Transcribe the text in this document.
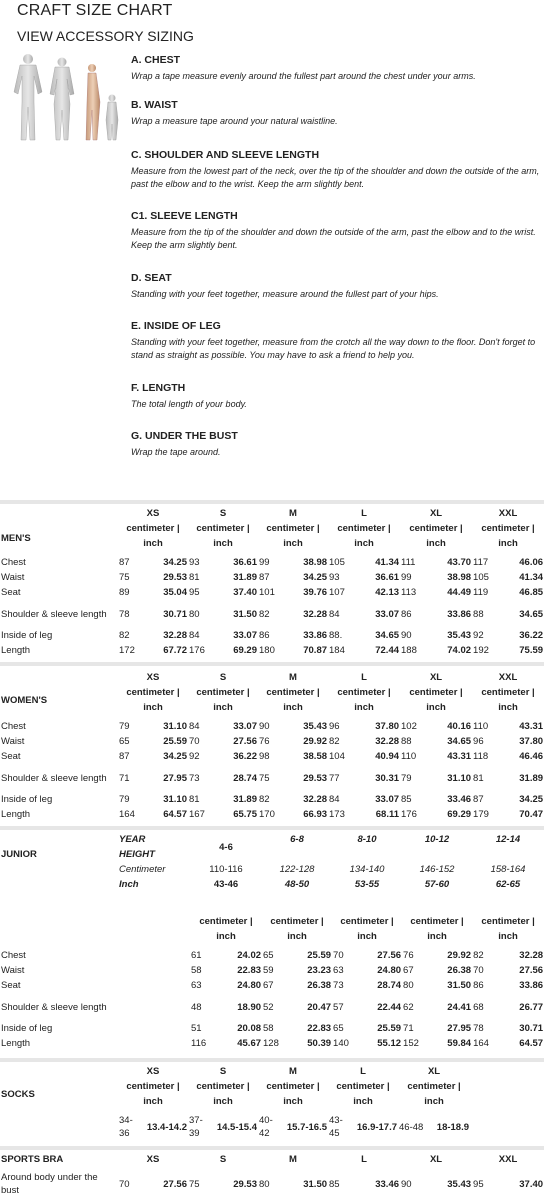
CRAFT SIZE CHART
VIEW ACCESSORY SIZING
A. CHEST

Wrap a tape measure evenly around the fullest part around the chest under your arms.

B. WAIST

Wrap a measure tape around your natural waistline.

C. SHOULDER AND SLEEVE LENGTH

Measure from the lowest part of the neck, over the tip of the shoulder and down the outside of the arm, past the elbow and to the wrist. Keep the arm slightly bent.

C1. SLEEVE LENGTH

Measure from the tip of the shoulder and down the outside of the arm, past the elbow and to the wrist. Keep the arm slightly bent.

D. SEAT

Standing with your feet together, measure around the fullest part of your hips.

E. INSIDE OF LEG

Standing with your feet together, measure from the crotch all the way down to the floor. Don't forget to stand as straight as possible. You may have to ask a friend to help you.

F. LENGTH

The total length of your body.

G. UNDER THE BUST

Wrap the tape around.

	XS		S		M		L		XL		XXL	
MEN'S	centimeter | inch		centimeter | inch		centimeter | inch		centimeter | inch		centimeter | inch		centimeter | inch	

Chest	87	34.25	93	36.61	99	38.98	105	41.34	111	43.70	117	46.06
Waist	75	29.53	81	31.89	87	34.25	93	36.61	99	38.98	105	41.34
Seat	89	35.04	95	37.40	101	39.76	107	42.13	113	44.49	119	46.85
Shoulder & sleeve length	78	30.71	80	31.50	82	32.28	84	33.07	86	33.86	88	34.65
Inside of leg	82	32.28	84	33.07	86	33.86	88.	34.65	90	35.43	92	36.22
Length	172	67.72	176	69.29	180	70.87	184	72.44	188	74.02	192	75.59
	XS		S		M		L		XL		XXL	
WOMEN'S	centimeter | inch		centimeter | inch		centimeter | inch		centimeter | inch		centimeter | inch		centimeter | inch	

Chest	79	31.10	84	33.07	90	35.43	96	37.80	102	40.16	110	43.31
Waist	65	25.59	70	27.56	76	29.92	82	32.28	88	34.65	96	37.80
Seat	87	34.25	92	36.22	98	38.58	104	40.94	110	43.31	118	46.46
Shoulder & sleeve length	71	27.95	73	28.74	75	29.53	77	30.31	79	31.10	81	31.89
Inside of leg	79	31.10	81	31.89	82	32.28	84	33.07	85	33.46	87	34.25
Length	164	64.57	167	65.75	170	66.93	173	68.11	176	69.29	179	70.47
	YEAR	4-6	6-8	8-10	10-12	12-14
JUNIOR	HEIGHT					
	Centimeter	110-116	122-128	134-140	146-152	158-164
	Inch	43-46	48-50	53-55	57-60	62-65
	centimeter | inch		centimeter | inch		centimeter | inch		centimeter | inch		centimeter | inch	

Chest	61	24.02	65	25.59	70	27.56	76	29.92	82	32.28
Waist	58	22.83	59	23.23	63	24.80	67	26.38	70	27.56
Seat	63	24.80	67	26.38	73	28.74	80	31.50	86	33.86
Shoulder & sleeve length	48	18.90	52	20.47	57	22.44	62	24.41	68	26.77
Inside of leg	51	20.08	58	22.83	65	25.59	71	27.95	78	30.71
Length	116	45.67	128	50.39	140	55.12	152	59.84	164	64.57
	XS		S		M		L		XL	
SOCKS	centimeter | inch		centimeter | inch		centimeter | inch		centimeter | inch		centimeter | inch	

	34-36	13.4-14.2	37-39	14.5-15.4	40-42	15.7-16.5	43-45	16.9-17.7	46-48	18-18.9
SPORTS BRA	XS		S		M		L		XL		XXL	

Around body under the bust	70	27.56	75	29.53	80	31.50	85	33.46	90	35.43	95	37.40
